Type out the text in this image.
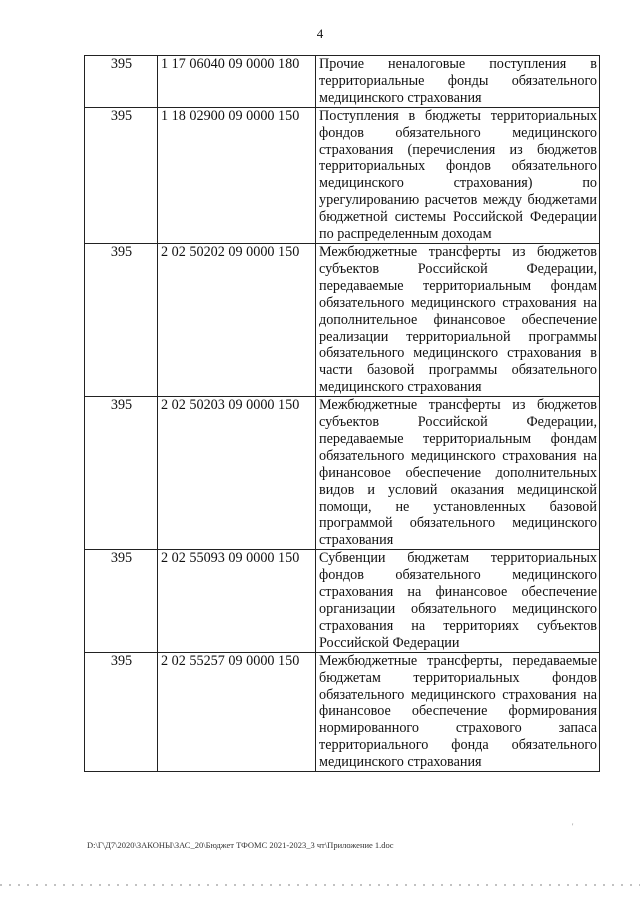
4
395	1 17 06040 09 0000 180	Прочие неналоговые поступления в территориальные фонды обязательного медицинского страхования
395	1 18 02900 09 0000 150	Поступления в бюджеты территориальных фондов обязательного медицинского страхования (перечисления из бюджетов территориальных фондов обязательного медицинского страхования) по урегулированию расчетов между бюджетами бюджетной системы Российской Федерации по распределенным доходам
395	2 02 50202 09 0000 150	Межбюджетные трансферты из бюджетов субъектов Российской Федерации, передаваемые территориальным фондам обязательного медицинского страхования на дополнительное финансовое обеспечение реализации территориальной программы обязательного медицинского страхования в части базовой программы обязательного медицинского страхования
395	2 02 50203 09 0000 150	Межбюджетные трансферты из бюджетов субъектов Российской Федерации, передаваемые территориальным фондам обязательного медицинского страхования на финансовое обеспечение дополнительных видов и условий оказания медицинской помощи, не установленных базовой программой обязательного медицинского страхования
395	2 02 55093 09 0000 150	Субвенции бюджетам территориальных фондов обязательного медицинского страхования на финансовое обеспечение организации обязательного медицинского страхования на территориях субъектов Российской Федерации
395	2 02 55257 09 0000 150	Межбюджетные трансферты, передаваемые бюджетам территориальных фондов обязательного медицинского страхования на финансовое обеспечение формирования нормированного страхового запаса территориального фонда обязательного медицинского страхования
'
D:\Г\Д7\2020\ЗАКОНЫ\ЗАС_20\Бюджет ТФОМС 2021-2023_3 чт\Приложение 1.doc
